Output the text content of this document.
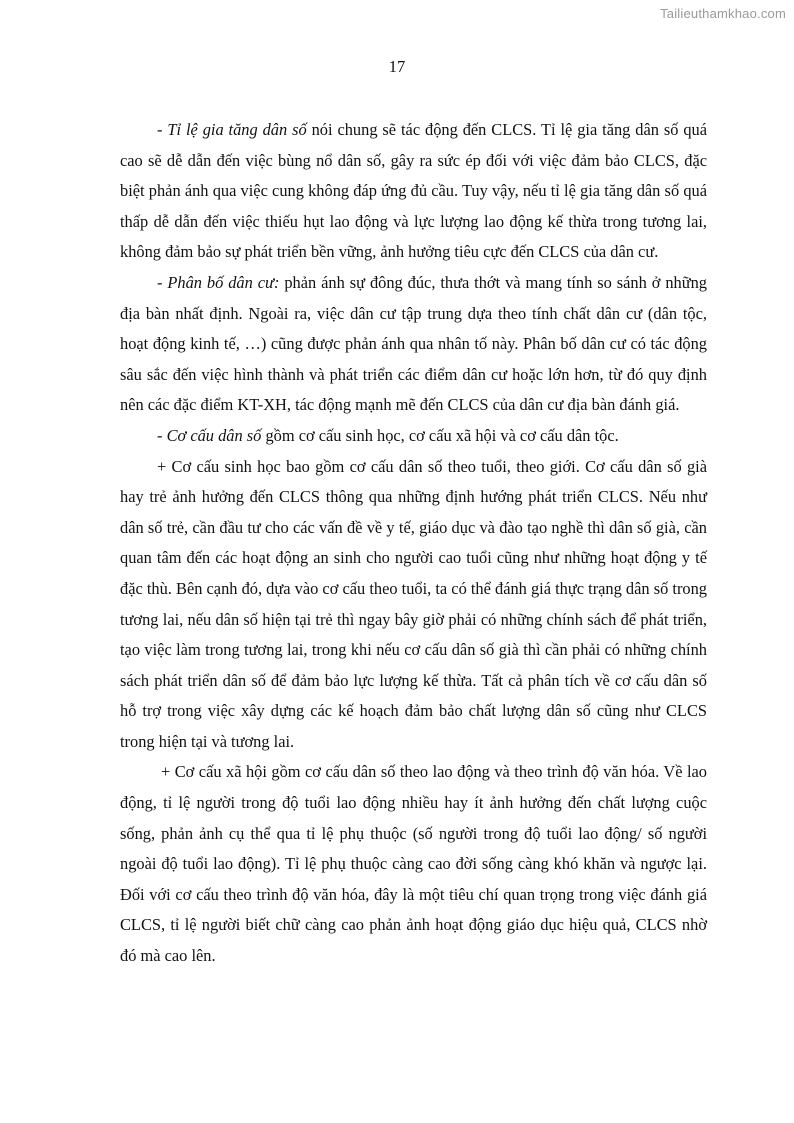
Tailieuthamkhao.com
17

- Tỉ lệ gia tăng dân số nói chung sẽ tác động đến CLCS. Tỉ lệ gia tăng dân số quá cao sẽ dễ dẫn đến việc bùng nổ dân số, gây ra sức ép đối với việc đảm bảo CLCS, đặc biệt phản ánh qua việc cung không đáp ứng đủ cầu. Tuy vậy, nếu tỉ lệ gia tăng dân số quá thấp dễ dẫn đến việc thiếu hụt lao động và lực lượng lao động kế thừa trong tương lai, không đảm bảo sự phát triển bền vững, ảnh hưởng tiêu cực đến CLCS của dân cư.

- Phân bố dân cư: phản ánh sự đông đúc, thưa thớt và mang tính so sánh ở những địa bàn nhất định. Ngoài ra, việc dân cư tập trung dựa theo tính chất dân cư (dân tộc, hoạt động kinh tế, …) cũng được phản ánh qua nhân tố này. Phân bố dân cư có tác động sâu sắc đến việc hình thành và phát triển các điểm dân cư hoặc lớn hơn, từ đó quy định nên các đặc điểm KT-XH, tác động mạnh mẽ đến CLCS của dân cư địa bàn đánh giá.

- Cơ cấu dân số gồm cơ cấu sinh học, cơ cấu xã hội và cơ cấu dân tộc.

+ Cơ cấu sinh học bao gồm cơ cấu dân số theo tuổi, theo giới. Cơ cấu dân số già hay trẻ ảnh hưởng đến CLCS thông qua những định hướng phát triển CLCS. Nếu như dân số trẻ, cần đầu tư cho các vấn đề về y tế, giáo dục và đào tạo nghề thì dân số già, cần quan tâm đến các hoạt động an sinh cho người cao tuổi cũng như những hoạt động y tế đặc thù. Bên cạnh đó, dựa vào cơ cấu theo tuổi, ta có thể đánh giá thực trạng dân số trong tương lai, nếu dân số hiện tại trẻ thì ngay bây giờ phải có những chính sách để phát triển, tạo việc làm trong tương lai, trong khi nếu cơ cấu dân số già thì cần phải có những chính sách phát triển dân số để đảm bảo lực lượng kế thừa. Tất cả phân tích về cơ cấu dân số hỗ trợ trong việc xây dựng các kế hoạch đảm bảo chất lượng dân số cũng như CLCS trong hiện tại và tương lai.

+ Cơ cấu xã hội gồm cơ cấu dân số theo lao động và theo trình độ văn hóa. Về lao động, tỉ lệ người trong độ tuổi lao động nhiều hay ít ảnh hưởng đến chất lượng cuộc sống, phản ảnh cụ thể qua tỉ lệ phụ thuộc (số người trong độ tuổi lao động/ số người ngoài độ tuổi lao động). Tỉ lệ phụ thuộc càng cao đời sống càng khó khăn và ngược lại. Đối với cơ cấu theo trình độ văn hóa, đây là một tiêu chí quan trọng trong việc đánh giá CLCS, tỉ lệ người biết chữ càng cao phản ảnh hoạt động giáo dục hiệu quả, CLCS nhờ đó mà cao lên.
